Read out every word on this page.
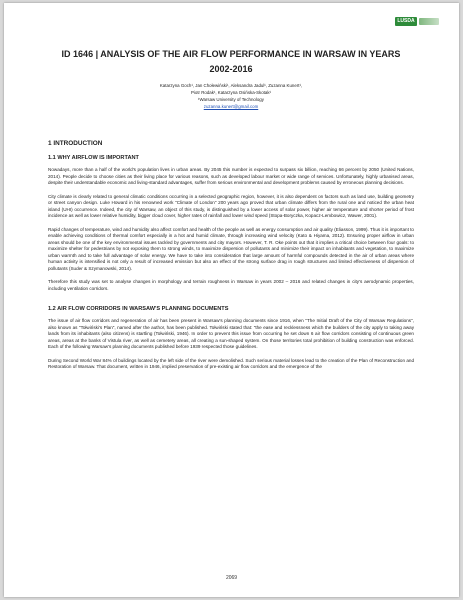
LUSDA
ID 1646 | ANALYSIS OF THE AIR FLOW PERFORMANCE IN WARSAW IN YEARS 2002-2016
Katarzyna Goch¹, Jan Chołewiński¹, Aleksandra Jadul¹, Zuzanna Kunert¹,
Piotr Rodak¹, Katarzyna Osińska-Skotak¹
¹Warsaw University of Technology
zuzanna.kunert@gmail.com
1 INTRODUCTION
1.1 WHY AIRFLOW IS IMPORTANT

Nowadays, more than a half of the world's population lives in urban areas. By 2045 this number is expected to surpass six billion, reaching 66 percent by 2050 (United Nations, 2014). People decide to choose cities as their living place for various reasons, such as developed labour market or wide range of services. Unfortunately, highly urbanised areas, despite their understandable economic and living-standard advantages, suffer from serious environmental and development problems caused by erroneous planning decisions.

City climate is clearly related to general climatic conditions occurring in a selected geographic region, however, it is also dependent on factors such as land use, building geometry or street canyon design. Luke Howard in his renowned work "Climate of London" 200 years ago proved that urban climate differs from the rural one and noticed the urban heat island (UHI) occurrence. Indeed, the city of Warsaw, an object of this study, is distinguished by a lower access of solar power, higher air temperature and shorter period of frost incidence as well as lower relative humidity, bigger cloud cover, higher rates of rainfall and lower wind speed (Stopa-Boryczka, Kopacz-Lembowicz, Wawer, 2001).

Rapid changes of temperature, wind and humidity also affect comfort and health of the people as well as energy consumption and air quality (Eliasson, 1999). Thus it is important to enable achieving conditions of thermal comfort especially in a hot and humid climate, through increasing wind velocity (Kato & Hiyama, 2012). Ensuring proper airflow in urban areas should be one of the key environmental issues tackled by governments and city mayors. However, T. R. Oke points out that it implies a critical choice between four goals: to maximize shelter for pedestrians by not exposing them to strong winds, to maximize dispersion of pollutants and minimize their impact on inhabitants and vegetation, to maximize urban warmth and to take full advantage of solar energy. We have to take into consideration that large amount of harmful compounds detected in the air of urban areas where human activity is intensified is not only a result of increased emission but also an effect of the strong surface drag in rough structures and limited effectiveness of dispersion of pollutants (Suder & Szymanowski, 2014).

Therefore this study was set to analyse changes in morphology and terrain roughness in Warsaw in years 2002 – 2016 and related changes in city's aerodynamic properties, including ventilation corridors.

1.2 AIR FLOW CORRIDORS IN WARSAW'S PLANNING DOCUMENTS

The issue of air flow corridors and regeneration of air has been present in Warsaw's planning documents since 1916, when "The Initial Draft of the City of Warsaw Regulations", also known as "Tołwiński's Plan", named after the author, has been published. Tołwiński stated that: "the ease and recklessness which the builders of the city apply to taking away lands from its inhabitants (also citizens) is startling (Tołwiński, 1946). In order to prevent this issue from occurring he set down 6 air flow corridors consisting of continuous green areas, areas at the banks of Vistula river, as well as cemetery areas, all creating a sun-shaped system. On those territories total prohibition of building construction was enforced. Each of the following Warsaw's planning documents published before 1939 respected those guidelines.

During Second World War 84% of buildings located by the left side of the river were demolished. Such serious material losses lead to the creation of the Plan of Reconstruction and Restoration of Warsaw. That document, written in 1946, implied preservation of pre-existing air flow corridors and the emergence of the

2069
